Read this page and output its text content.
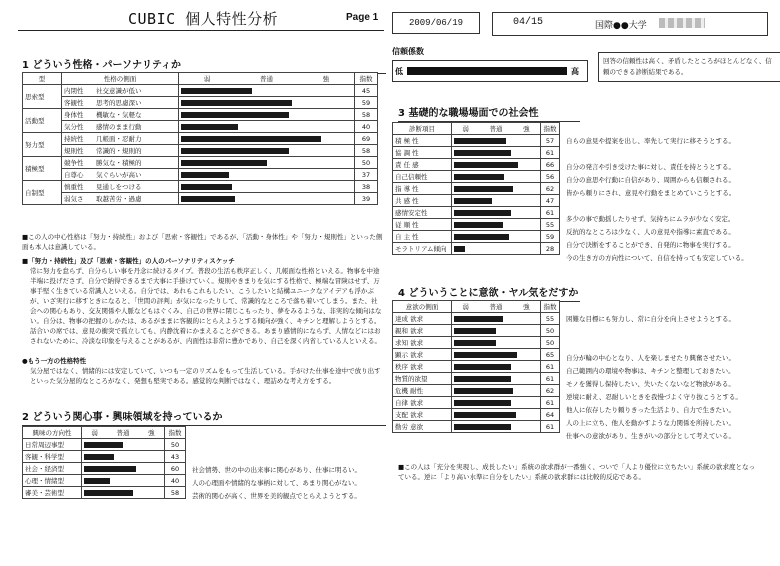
CUBIC 個人特性分析	Page 1	2009/06/19	04/15	国際●●大学
1 どういう性格・パーソナリティか
型	性格の側面	弱 普通 強	指数
思索型	内閉性 社交意識が低い		45
	客観性 思考的思慮深い		59
活動型	身体性 機敏な・気軽な		58
	気分性 感情のまま行動		40
努力型	持続性 几帳面・忍耐力		69
	規則性 常識的・規則的		58
積極型	競争性 勝気な・積極的		50
	自尊心 気ぐらいが高い		37
自制型	慎重性 見通しをつける		38
	弱気さ 取越苦労・過慮		39
■この人の中心性格は「努力・持続性」および「思索・客観性」であるが、「活動・身体性」や「努力・規則性」といった側面も本人は意識している。
■「努力・持続性」及び「思索・客観性」の人のパーソナリティスケッチ
常に努力を怠らず、自分らしい事を丹念に続けるタイプ。普段の生活も秩序正しく、几帳面な性格といえる。物事を中途半端に投げださず、自分で納得できるまで大事に手掛けていく。規則やきまりを気にする性格で、極端な冒険はせず、万事手堅く生きている常識人といえる。自分では、あれもこれもしたい、こうしたいと結構ユニークなアイデアも浮かぶが、いざ実行に移すときになると、「世間の評判」が気になったりして、常識的なところで落ち着いてしまう。また、社会への関心もあり、交友関係や人脈などもはぐくみ、自己の世界に閉じこもったり、夢をみるような、非実的な傾向はない。自分は、物事の把握のしかたは、あるがままに客観的にとらえようとする傾向が強く、キチンと理解しようとする。話合いの席では、意見の衝突で孤立しても、内静沈着にかまえることができる。あまり感情的にならず、人情などにはおされないために、冷淡な印象を与えることがあるが、内面性は非常に豊かであり、自己を深く内省している人といえる。
●もう一方の性格特性
気分屋ではなく、情緒的には安定していて、いつも一定のリズムをもって生活している。手がけた仕事を途中で放り出すといった気分屋的なところがなく、発想も堅実である。感覚的な判断ではなく、理詰めな考え方をする。
2 どういう関心事・興味領域を持っているか
興味の方向性	弱 普通 強	指数
日常周辺事型		50
客観・科学型		43
社会・経済型		60
心理・情緒型		40
審美・芸術型		58
社会情勢、世の中の出来事に関心があり、仕事に明るい。
人の心理面や情緒的な事柄に対して、あまり関心がない。
芸術的関心が高く、世界を美的観点でとらえようとする。
信頼係数
低	高
回答の信頼性は高く、矛盾したところがほとんどなく、信頼のできる診断結果である。
3 基礎的な職場場面での社会性
診断項目	弱 普通 強	指数
積 極 性		57
協 調 性		61
責 任 感		66
自己信頼性		56
指 導 性		62
共 感 性		47
感情安定性		61
従 順 性		55
自 主 性		59
モラトリアム傾向		28
自らの意見や提案を出し、率先して実行に移そうとする。
自分の発言や引き受けた事に対し、責任を持とうとする。
自分の意思や行動に自信があり、周囲からも信頼される。
皆から頼りにされ、意見や行動をまとめていこうとする。
多少の事で動揺したりせず、気持ちにムラが少なく安定。
反抗的なところは少なく、人の意見や指導に素直である。
自分で決断をすることができ、自発的に物事を実行する。
今の生き方の方向性について、自信を持っても安定している。
4 どういうことに意欲・ヤル気をだすか
意欲の側面	弱 普通 強	指数
達成 欲求		55
親和 欲求		50
求知 欲求		50
顕示 欲求		65
秩序 欲求		61
物質的欲望		61
危機 耐性		62
自律 欲求		61
支配 欲求		64
勤労 意欲		61
困難な目標にも努力し、常に自分を向上させようとする。
自分が輪の中心となり、人を楽しませたり興奮させたい。
自己範囲内の環境や物事は、キチンと整理しておきたい。
モノを獲得し保持したい、失いたくないなど物欲がある。
逆境に耐え、忍耐しいときを我慢づよく守り抜こうとする。
他人に依存したり頼りきった生活より、自力で生きたい。
人の上に立ち、他人を動かすような力関係を所持したい。
仕事への意欲があり、生きがいの部分として考えている。
■この人は「充分を実現し、成長したい」系統の欲求群が一番強く、ついで「人より優位に立ちたい」系統の欲求度となっている。逆に「より高い水準に自分をしたい」系統の欲求群には比較的反応である。
